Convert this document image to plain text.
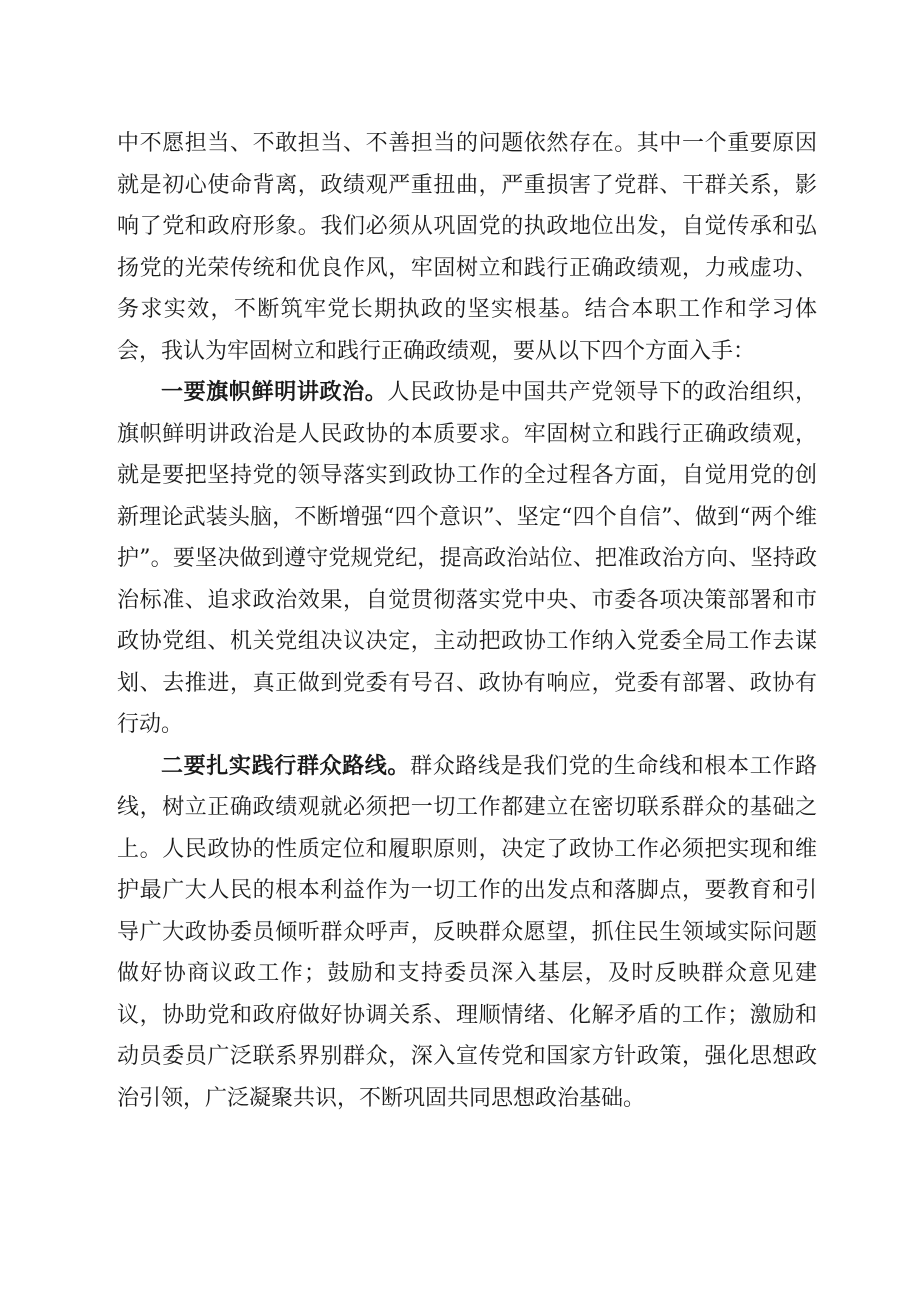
中不愿担当、不敢担当、不善担当的问题依然存在。其中一个重要原因就是初心使命背离，政绩观严重扭曲，严重损害了党群、干群关系，影响了党和政府形象。我们必须从巩固党的执政地位出发，自觉传承和弘扬党的光荣传统和优良作风，牢固树立和践行正确政绩观，力戒虚功、务求实效，不断筑牢党长期执政的坚实根基。结合本职工作和学习体会，我认为牢固树立和践行正确政绩观，要从以下四个方面入手：

一要旗帜鲜明讲政治。人民政协是中国共产党领导下的政治组织，旗帜鲜明讲政治是人民政协的本质要求。牢固树立和践行正确政绩观，就是要把坚持党的领导落实到政协工作的全过程各方面，自觉用党的创新理论武装头脑，不断增强“四个意识”、坚定“四个自信”、做到“两个维护”。要坚决做到遵守党规党纪，提高政治站位、把准政治方向、坚持政治标准、追求政治效果，自觉贯彻落实党中央、市委各项决策部署和市政协党组、机关党组决议决定，主动把政协工作纳入党委全局工作去谋划、去推进，真正做到党委有号召、政协有响应，党委有部署、政协有行动。

二要扎实践行群众路线。群众路线是我们党的生命线和根本工作路线，树立正确政绩观就必须把一切工作都建立在密切联系群众的基础之上。人民政协的性质定位和履职原则，决定了政协工作必须把实现和维护最广大人民的根本利益作为一切工作的出发点和落脚点，要教育和引导广大政协委员倾听群众呼声，反映群众愿望，抓住民生领域实际问题做好协商议政工作；鼓励和支持委员深入基层，及时反映群众意见建议，协助党和政府做好协调关系、理顺情绪、化解矛盾的工作；激励和动员委员广泛联系界别群众，深入宣传党和国家方针政策，强化思想政治引领，广泛凝聚共识，不断巩固共同思想政治基础。
